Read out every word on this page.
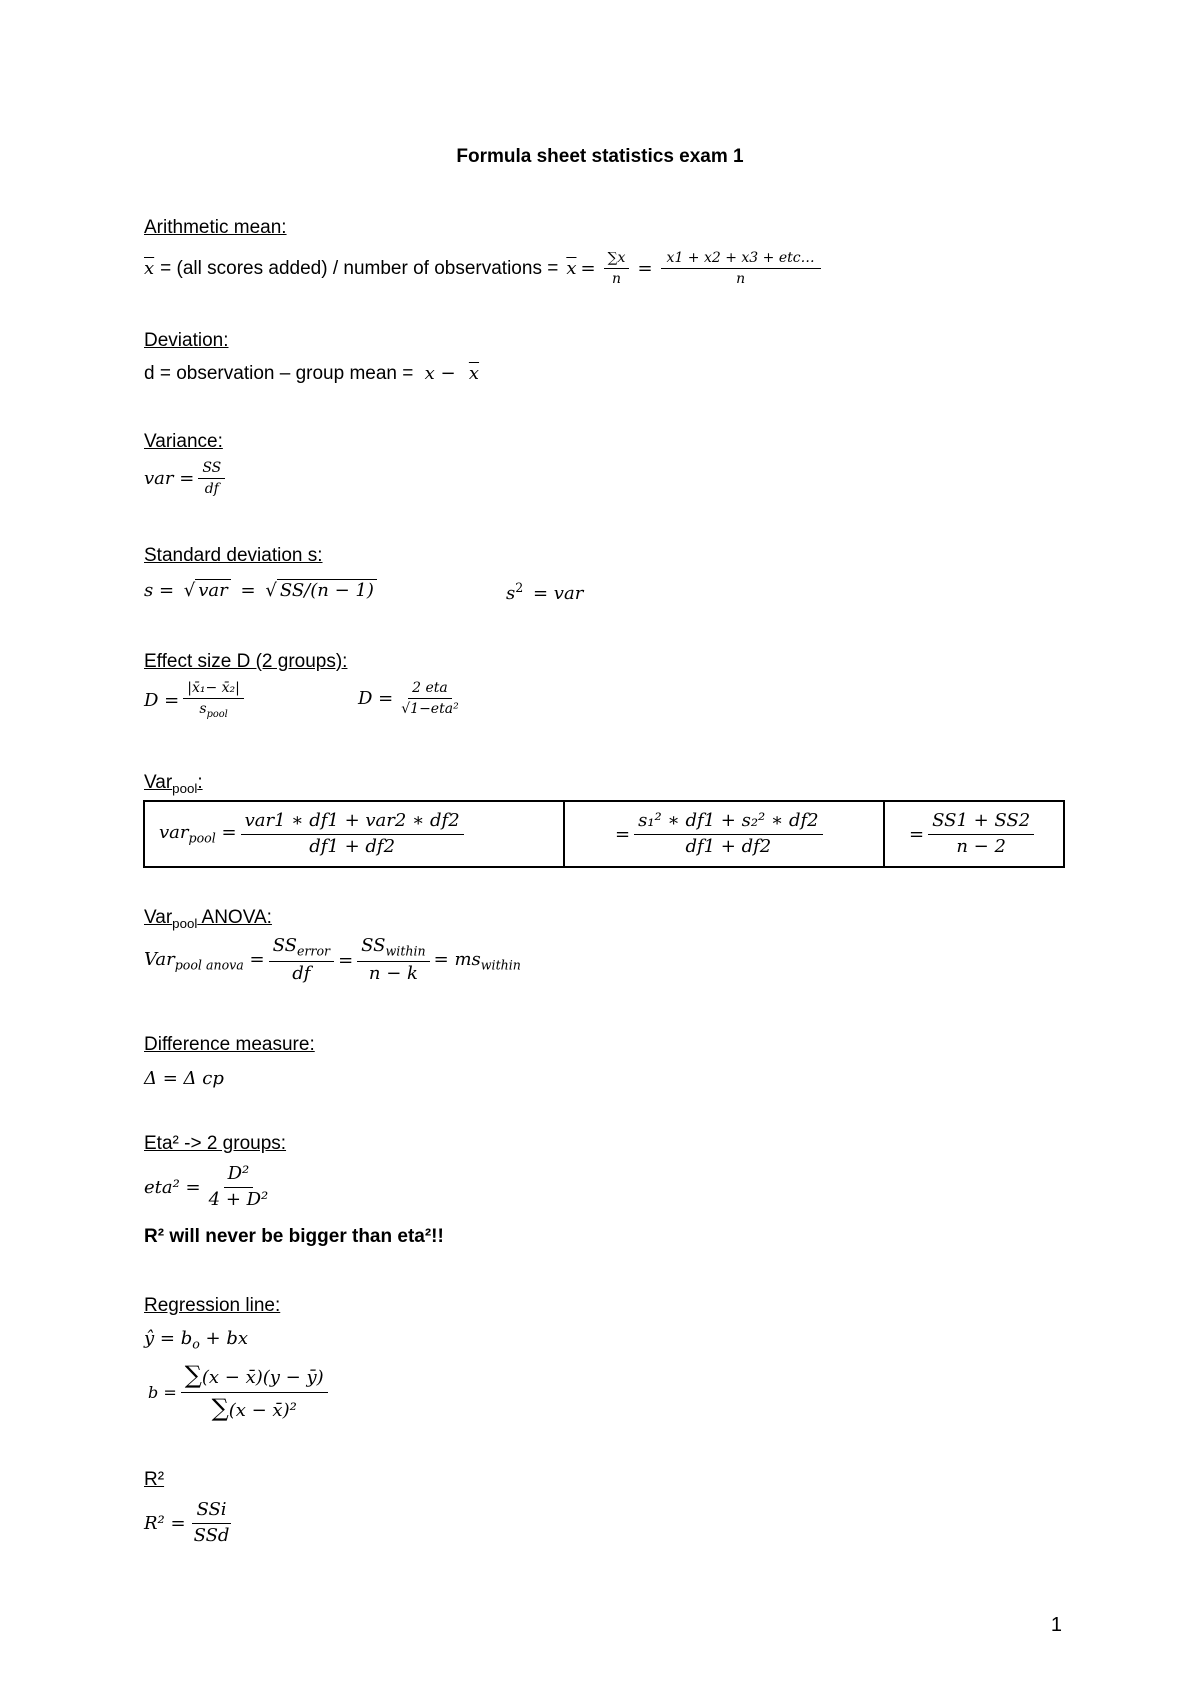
Formula sheet statistics exam 1
Arithmetic mean:
$\overline{x} = (all$ scores added) / number of observations = $\overline{x} = \frac{\sum x}{n} = \frac{\text{x1 + x2 + x3 + etc…}}{n}$
Deviation:
d = observation – group mean = $x - \overline{x}$
Variance:
var = $\frac{SS}{df}$
Standard deviation s:
s = √ var = √ SS/(n − 1)	$s^2$ = var
Effect size D (2 groups):
$D = \frac{\text{|x̄₁− x̄₂|}}{s_{pool}}$	$D = \frac{\text{2 eta}}{\text{√1−eta²}}$
Var$_{pool}$:
$var_{pool} = \frac{\text{var1 ∗ df1 + var2 ∗ df2}}{df1 + df2}$	= $\frac{\text{s₁² ∗ df1 + s₂² ∗ df2}}{df1 + df2}$	= $\frac{SS1 + SS2}{n - 2}$
Var$_{pool}$ ANOVA:
$Var_{pool anova} = \frac{SS_{error}}{df} = \frac{SS_{within}}{n - k} = ms_{within}$
Difference measure:
Δ = Δ cp
Eta² -> 2 groups:
$eta^2 = \frac{\text{D²}}{\text{4 + D²}}$
R² will never be bigger than eta²!!
Regression line:
ŷ = $b_o$ + bx
$b = \frac{\sum(x - x̄)(y - ȳ)}{\text{∑(x − x̄)²}}$
R²
$R^2 = \frac{\text{SSi}}{\text{SSd}}$
1
